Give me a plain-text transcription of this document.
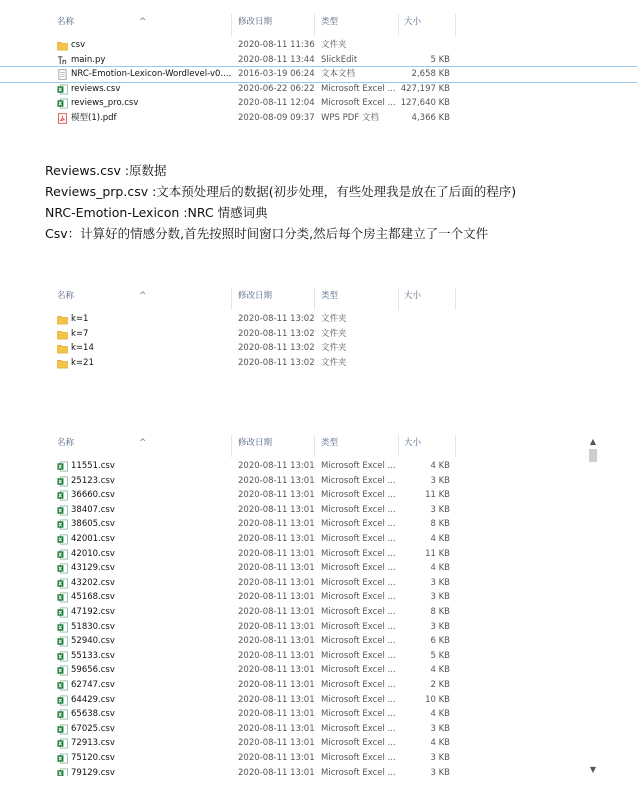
名称	^	修改日期	类型	大小
csv	2020-08-11 11:36 文件夹
main.py	2020-08-11 13:44 SlickEdit	5 KB
NRC-Emotion-Lexicon-Wordlevel-v0.... 2016-03-19 06:24 文本文档	2,658 KB
reviews.csv	2020-06-22 06:22 Microsoft Excel ... 427,197 KB
reviews_pro.csv	2020-08-11 12:04 Microsoft Excel ... 127,640 KB
模型(1).pdf	2020-08-09 09:37 WPS PDF 文档	4,366 KB
Reviews.csv :原数据
Reviews_prp.csv :文本预处理后的数据(初步处理，有些处理我是放在了后面的程序)
NRC-Emotion-Lexicon :NRC 情感词典
Csv：计算好的情感分数,首先按照时间窗口分类,然后每个房主都建立了一个文件
名称	^	修改日期	类型	大小
k=1	2020-08-11 13:02 文件夹
k=7	2020-08-11 13:02 文件夹
k=14	2020-08-11 13:02 文件夹
k=21	2020-08-11 13:02 文件夹
名称	^	修改日期	类型	大小
11551.csv	2020-08-11 13:01 Microsoft Excel ...	4 KB
25123.csv	2020-08-11 13:01 Microsoft Excel ...	3 KB
36660.csv	2020-08-11 13:01 Microsoft Excel ...	11 KB
38407.csv	2020-08-11 13:01 Microsoft Excel ...	3 KB
38605.csv	2020-08-11 13:01 Microsoft Excel ...	8 KB
42001.csv	2020-08-11 13:01 Microsoft Excel ...	4 KB
42010.csv	2020-08-11 13:01 Microsoft Excel ...	11 KB
43129.csv	2020-08-11 13:01 Microsoft Excel ...	4 KB
43202.csv	2020-08-11 13:01 Microsoft Excel ...	3 KB
45168.csv	2020-08-11 13:01 Microsoft Excel ...	3 KB
47192.csv	2020-08-11 13:01 Microsoft Excel ...	8 KB
51830.csv	2020-08-11 13:01 Microsoft Excel ...	3 KB
52940.csv	2020-08-11 13:01 Microsoft Excel ...	6 KB
55133.csv	2020-08-11 13:01 Microsoft Excel ...	5 KB
59656.csv	2020-08-11 13:01 Microsoft Excel ...	4 KB
62747.csv	2020-08-11 13:01 Microsoft Excel ...	2 KB
64429.csv	2020-08-11 13:01 Microsoft Excel ...	10 KB
65638.csv	2020-08-11 13:01 Microsoft Excel ...	4 KB
67025.csv	2020-08-11 13:01 Microsoft Excel ...	3 KB
72913.csv	2020-08-11 13:01 Microsoft Excel ...	4 KB
75120.csv	2020-08-11 13:01 Microsoft Excel ...	3 KB
79129.csv	2020-08-11 13:01 Microsoft Excel ...	3 KB
▲
▼
